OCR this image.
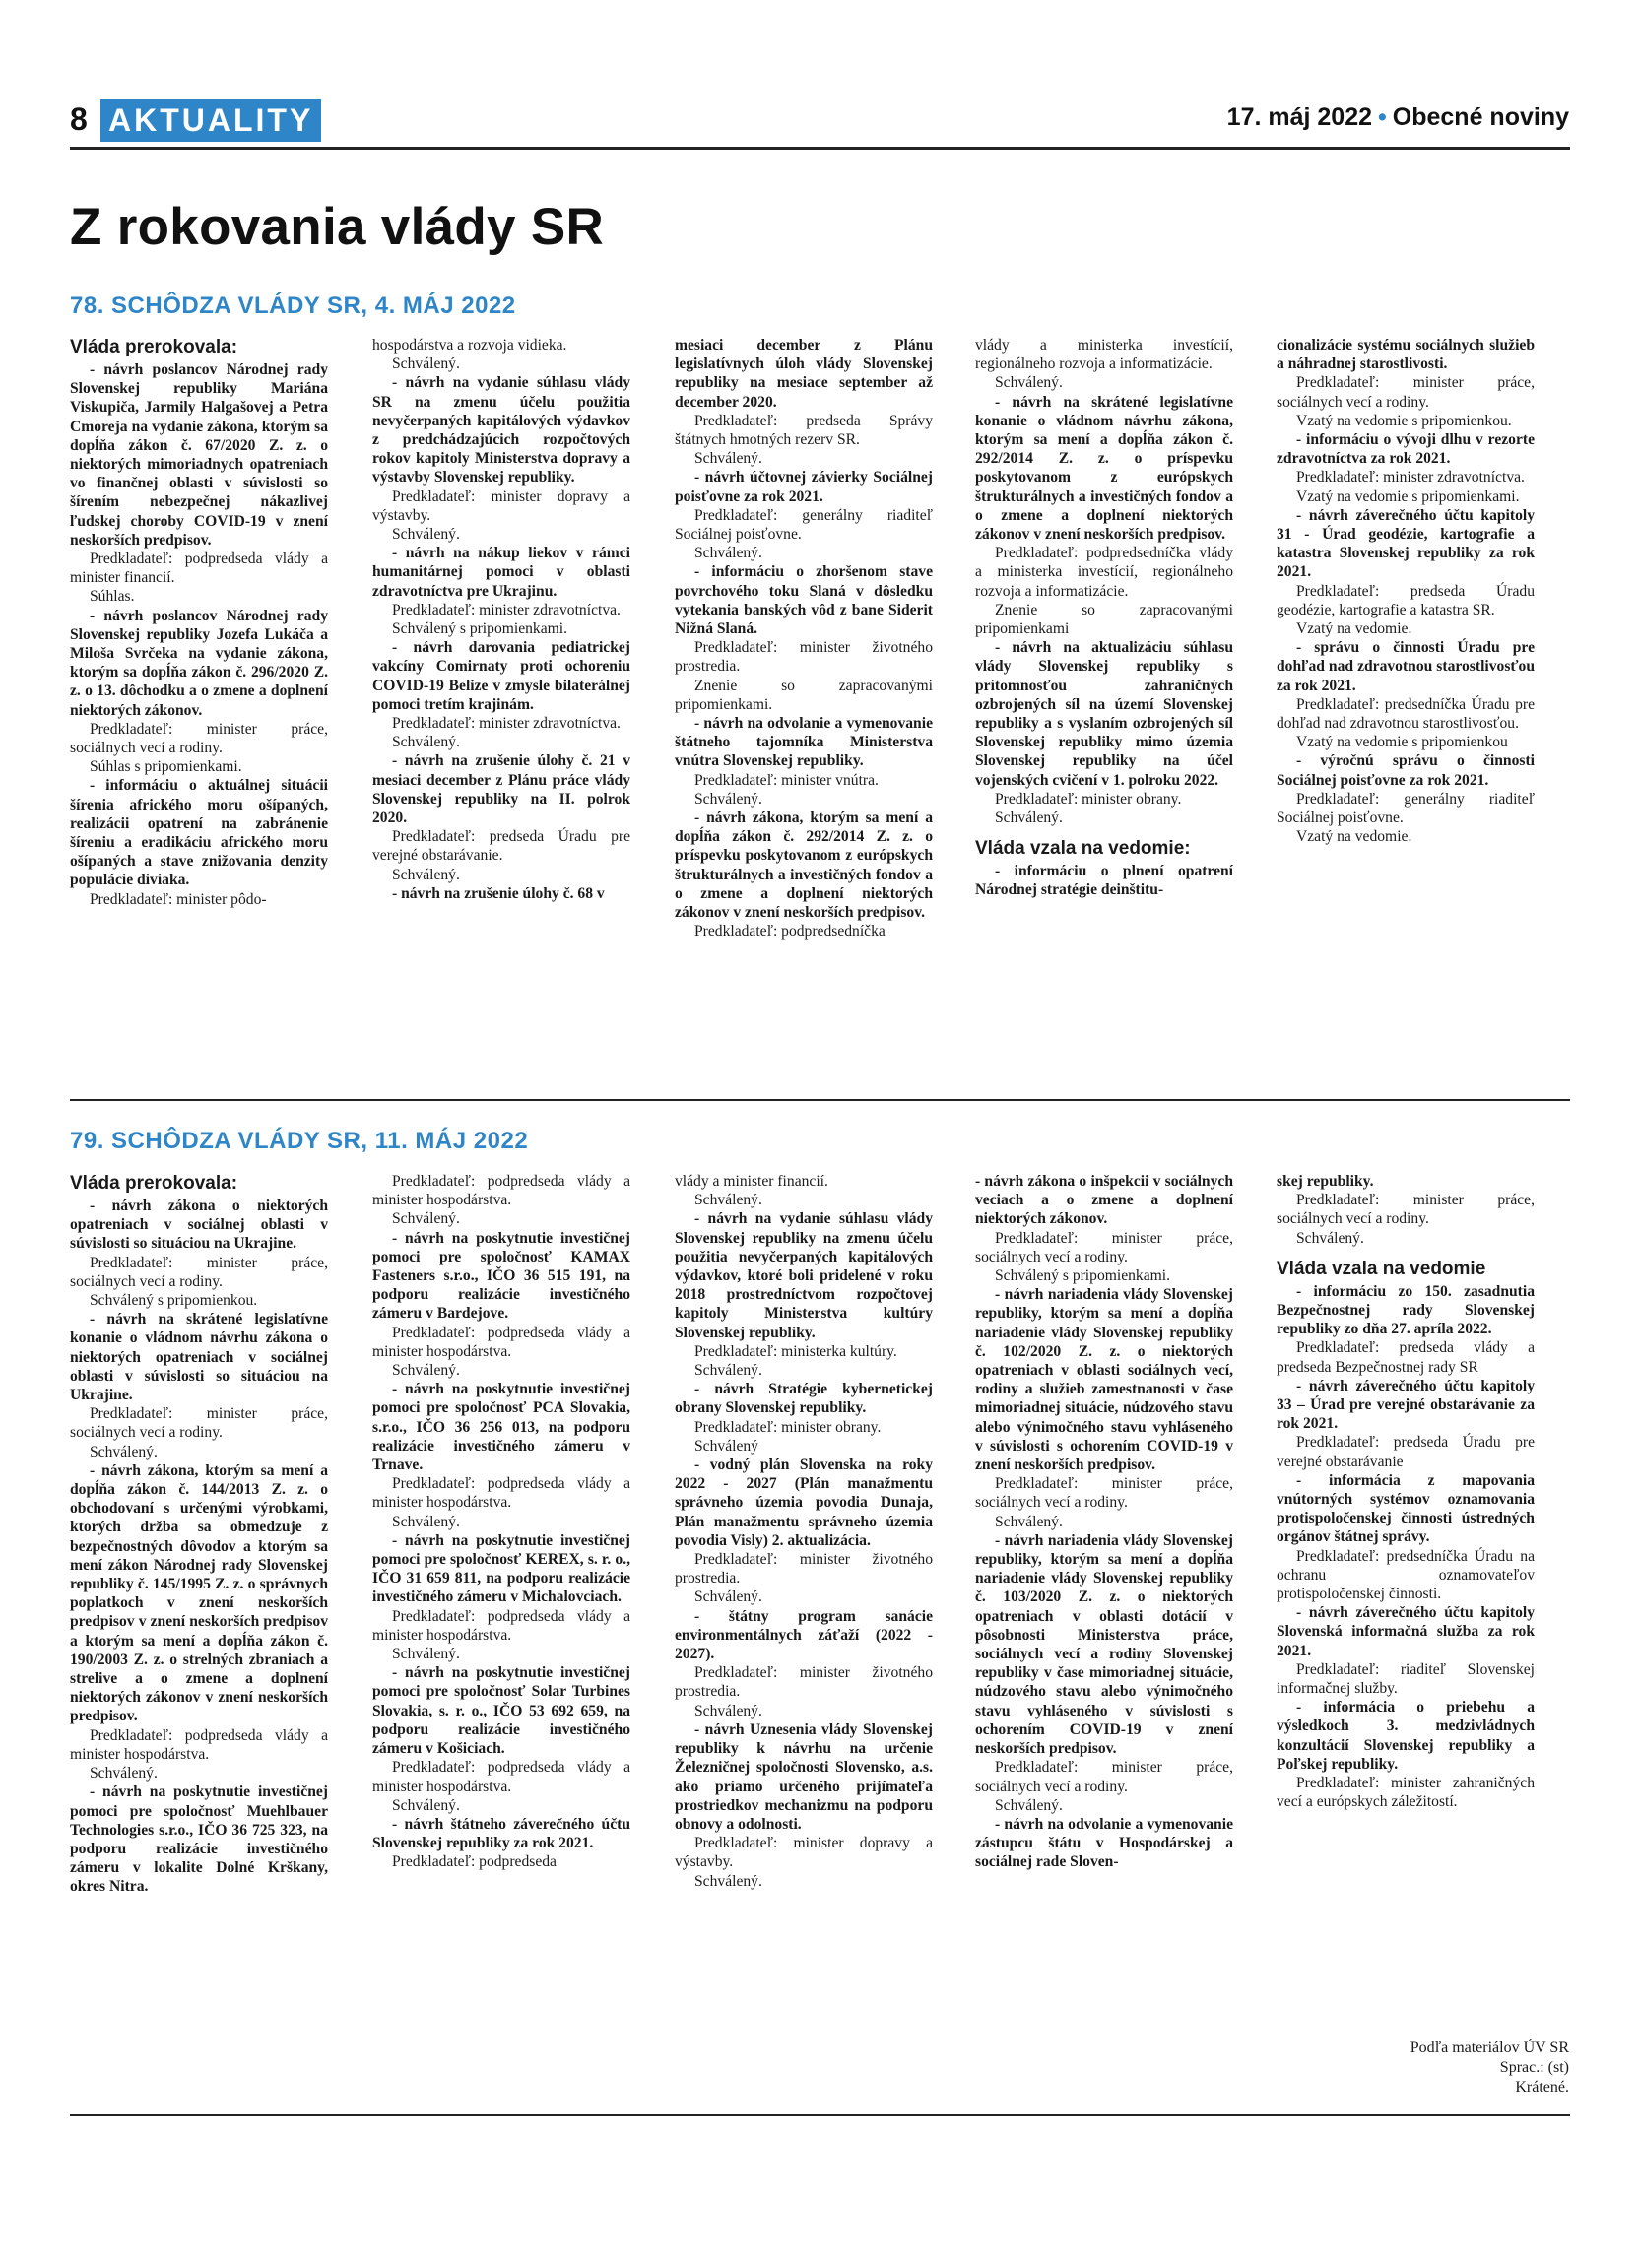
8 AKTUALITY	17. máj 2022 • Obecné noviny
Z rokovania vlády SR
78. SCHÔDZA VLÁDY SR, 4. MÁJ 2022

Vláda prerokovala:

- návrh poslancov Národnej rady Slovenskej republiky Mariána Viskupiča, Jarmily Halgašovej a Petra Cmoreja na vydanie zákona, ktorým sa dopĺňa zákon č. 67/2020 Z. z. o niektorých mimoriadnych opatreniach vo finančnej oblasti v súvislosti so šírením nebezpečnej nákazlivej ľudskej choroby COVID-19 v znení neskorších predpisov.

Predkladateľ: podpredseda vlády a minister financií.

Súhlas.

- návrh poslancov Národnej rady Slovenskej republiky Jozefa Lukáča a Miloša Svrčeka na vydanie zákona, ktorým sa dopĺňa zákon č. 296/2020 Z. z. o 13. dôchodku a o zmene a doplnení niektorých zákonov.

Predkladateľ: minister práce, sociálnych vecí a rodiny.

Súhlas s pripomienkami.

- informáciu o aktuálnej situácii šírenia afrického moru ošípaných, realizácii opatrení na zabránenie šíreniu a eradikáciu afrického moru ošípaných a stave znižovania denzity populácie diviaka.

Predkladateľ: minister pôdo-

hospodárstva a rozvoja vidieka.

Schválený.

- návrh na vydanie súhlasu vlády SR na zmenu účelu použitia nevyčerpaných kapitálových výdavkov z predchádzajúcich rozpočtových rokov kapitoly Ministerstva dopravy a výstavby Slovenskej republiky.

Predkladateľ: minister dopravy a výstavby.

Schválený.

- návrh na nákup liekov v rámci humanitárnej pomoci v oblasti zdravotníctva pre Ukrajinu.

Predkladateľ: minister zdravotníctva.

Schválený s pripomienkami.

- návrh darovania pediatrickej vakcíny Comirnaty proti ochoreniu COVID-19 Belize v zmysle bilaterálnej pomoci tretím krajinám.

Predkladateľ: minister zdravotníctva.

Schválený.

- návrh na zrušenie úlohy č. 21 v mesiaci december z Plánu práce vlády Slovenskej republiky na II. polrok 2020.

Predkladateľ: predseda Úradu pre verejné obstarávanie.

Schválený.

- návrh na zrušenie úlohy č. 68 v

mesiaci december z Plánu legislatívnych úloh vlády Slovenskej republiky na mesiace september až december 2020.

Predkladateľ: predseda Správy štátnych hmotných rezerv SR.

Schválený.

- návrh účtovnej závierky Sociálnej poisťovne za rok 2021.

Predkladateľ: generálny riaditeľ Sociálnej poisťovne.

Schválený.

- informáciu o zhoršenom stave povrchového toku Slaná v dôsledku vytekania banských vôd z bane Siderit Nižná Slaná.

Predkladateľ: minister životného prostredia.

Znenie so zapracovanými pripomienkami.

- návrh na odvolanie a vymenovanie štátneho tajomníka Ministerstva vnútra Slovenskej republiky.

Predkladateľ: minister vnútra.

Schválený.

- návrh zákona, ktorým sa mení a dopĺňa zákon č. 292/2014 Z. z. o príspevku poskytovanom z európskych štrukturálnych a investičných fondov a o zmene a doplnení niektorých zákonov v znení neskorších predpisov.

Predkladateľ: podpredsedníčka

vlády a ministerka investícií, regionálneho rozvoja a informatizácie.

Schválený.

- návrh na skrátené legislatívne konanie o vládnom návrhu zákona, ktorým sa mení a dopĺňa zákon č. 292/2014 Z. z. o príspevku poskytovanom z európskych štrukturálnych a investičných fondov a o zmene a doplnení niektorých zákonov v znení neskorších predpisov.

Predkladateľ: podpredsedníčka vlády a ministerka investícií, regionálneho rozvoja a informatizácie.

Znenie so zapracovanými pripomienkami

- návrh na aktualizáciu súhlasu vlády Slovenskej republiky s prítomnosťou zahraničných ozbrojených síl na území Slovenskej republiky a s vyslaním ozbrojených síl Slovenskej republiky mimo územia Slovenskej republiky na účel vojenských cvičení v 1. polroku 2022.

Predkladateľ: minister obrany.

Schválený.

Vláda vzala na vedomie:

- informáciu o plnení opatrení Národnej stratégie deinštitu-

cionalizácie systému sociálnych služieb a náhradnej starostlivosti.

Predkladateľ: minister práce, sociálnych vecí a rodiny.

Vzatý na vedomie s pripomienkou.

- informáciu o vývoji dlhu v rezorte zdravotníctva za rok 2021.

Predkladateľ: minister zdravotníctva.

Vzatý na vedomie s pripomienkami.

- návrh záverečného účtu kapitoly 31 - Úrad geodézie, kartografie a katastra Slovenskej republiky za rok 2021.

Predkladateľ: predseda Úradu geodézie, kartografie a katastra SR.

Vzatý na vedomie.

- správu o činnosti Úradu pre dohľad nad zdravotnou starostlivosťou za rok 2021.

Predkladateľ: predsedníčka Úradu pre dohľad nad zdravotnou starostlivosťou.

Vzatý na vedomie s pripomienkou

- výročnú správu o činnosti Sociálnej poisťovne za rok 2021.

Predkladateľ: generálny riaditeľ Sociálnej poisťovne.

Vzatý na vedomie.

79. SCHÔDZA VLÁDY SR, 11. MÁJ 2022

Vláda prerokovala:

- návrh zákona o niektorých opatreniach v sociálnej oblasti v súvislosti so situáciou na Ukrajine.

Predkladateľ: minister práce, sociálnych vecí a rodiny.

Schválený s pripomienkou.

- návrh na skrátené legislatívne konanie o vládnom návrhu zákona o niektorých opatreniach v sociálnej oblasti v súvislosti so situáciou na Ukrajine.

Predkladateľ: minister práce, sociálnych vecí a rodiny.

Schválený.

- návrh zákona, ktorým sa mení a dopĺňa zákon č. 144/2013 Z. z. o obchodovaní s určenými výrobkami, ktorých držba sa obmedzuje z bezpečnostných dôvodov a ktorým sa mení zákon Národnej rady Slovenskej republiky č. 145/1995 Z. z. o správnych poplatkoch v znení neskorších predpisov v znení neskorších predpisov a ktorým sa mení a dopĺňa zákon č. 190/2003 Z. z. o strelných zbraniach a strelive a o zmene a doplnení niektorých zákonov v znení neskorších predpisov.

Predkladateľ: podpredseda vlády a minister hospodárstva.

Schválený.

- návrh na poskytnutie investičnej pomoci pre spoločnosť Muehlbauer Technologies s.r.o., IČO 36 725 323, na podporu realizácie investičného zámeru v lokalite Dolné Krškany, okres Nitra.

Predkladateľ: podpredseda vlády a minister hospodárstva.

Schválený.

- návrh na poskytnutie investičnej pomoci pre spoločnosť KAMAX Fasteners s.r.o., IČO 36 515 191, na podporu realizácie investičného zámeru v Bardejove.

Predkladateľ: podpredseda vlády a minister hospodárstva.

Schválený.

- návrh na poskytnutie investičnej pomoci pre spoločnosť PCA Slovakia, s.r.o., IČO 36 256 013, na podporu realizácie investičného zámeru v Trnave.

Predkladateľ: podpredseda vlády a minister hospodárstva.

Schválený.

- návrh na poskytnutie investičnej pomoci pre spoločnosť KEREX, s. r. o., IČO 31 659 811, na podporu realizácie investičného zámeru v Michalovciach.

Predkladateľ: podpredseda vlády a minister hospodárstva.

Schválený.

- návrh na poskytnutie investičnej pomoci pre spoločnosť Solar Turbines Slovakia, s. r. o., IČO 53 692 659, na podporu realizácie investičného zámeru v Košiciach.

Predkladateľ: podpredseda vlády a minister hospodárstva.

Schválený.

- návrh štátneho záverečného účtu Slovenskej republiky za rok 2021.

Predkladateľ: podpredseda

vlády a minister financií.

Schválený.

- návrh na vydanie súhlasu vlády Slovenskej republiky na zmenu účelu použitia nevyčerpaných kapitálových výdavkov, ktoré boli pridelené v roku 2018 prostredníctvom rozpočtovej kapitoly Ministerstva kultúry Slovenskej republiky.

Predkladateľ: ministerka kultúry.

Schválený.

- návrh Stratégie kybernetickej obrany Slovenskej republiky.

Predkladateľ: minister obrany.

Schválený

- vodný plán Slovenska na roky 2022 - 2027 (Plán manažmentu správneho územia povodia Dunaja, Plán manažmentu správneho územia povodia Visly) 2. aktualizácia.

Predkladateľ: minister životného prostredia.

Schválený.

- štátny program sanácie environmentálnych záťaží (2022 - 2027).

Predkladateľ: minister životného prostredia.

Schválený.

- návrh Uznesenia vlády Slovenskej republiky k návrhu na určenie Železničnej spoločnosti Slovensko, a.s. ako priamo určeného prijímateľa prostriedkov mechanizmu na podporu obnovy a odolnosti.

Predkladateľ: minister dopravy a výstavby.

Schválený.

- návrh zákona o inšpekcii v sociálnych veciach a o zmene a doplnení niektorých zákonov.

Predkladateľ: minister práce, sociálnych vecí a rodiny.

Schválený s pripomienkami.

- návrh nariadenia vlády Slovenskej republiky, ktorým sa mení a dopĺňa nariadenie vlády Slovenskej republiky č. 102/2020 Z. z. o niektorých opatreniach v oblasti sociálnych vecí, rodiny a služieb zamestnanosti v čase mimoriadnej situácie, núdzového stavu alebo výnimočného stavu vyhláseného v súvislosti s ochorením COVID-19 v znení neskorších predpisov.

Predkladateľ: minister práce, sociálnych vecí a rodiny.

Schválený.

- návrh nariadenia vlády Slovenskej republiky, ktorým sa mení a dopĺňa nariadenie vlády Slovenskej republiky č. 103/2020 Z. z. o niektorých opatreniach v oblasti dotácií v pôsobnosti Ministerstva práce, sociálnych vecí a rodiny Slovenskej republiky v čase mimoriadnej situácie, núdzového stavu alebo výnimočného stavu vyhláseného v súvislosti s ochorením COVID-19 v znení neskorších predpisov.

Predkladateľ: minister práce, sociálnych vecí a rodiny.

Schválený.

- návrh na odvolanie a vymenovanie zástupcu štátu v Hospodárskej a sociálnej rade Sloven-

skej republiky.

Predkladateľ: minister práce, sociálnych vecí a rodiny.

Schválený.

Vláda vzala na vedomie

- informáciu zo 150. zasadnutia Bezpečnostnej rady Slovenskej republiky zo dňa 27. apríla 2022.

Predkladateľ: predseda vlády a predseda Bezpečnostnej rady SR

- návrh záverečného účtu kapitoly 33 – Úrad pre verejné obstarávanie za rok 2021.

Predkladateľ: predseda Úradu pre verejné obstarávanie

- informácia z mapovania vnútorných systémov oznamovania protispoločenskej činnosti ústredných orgánov štátnej správy.

Predkladateľ: predsedníčka Úradu na ochranu oznamovateľov protispoločenskej činnosti.

- návrh záverečného účtu kapitoly Slovenská informačná služba za rok 2021.

Predkladateľ: riaditeľ Slovenskej informačnej služby.

- informácia o priebehu a výsledkoch 3. medzivládnych konzultácií Slovenskej republiky a Poľskej republiky.

Predkladateľ: minister zahraničných vecí a európskych záležitostí.

Podľa materiálov ÚV SR
Sprac.: (st)
Krátené.
